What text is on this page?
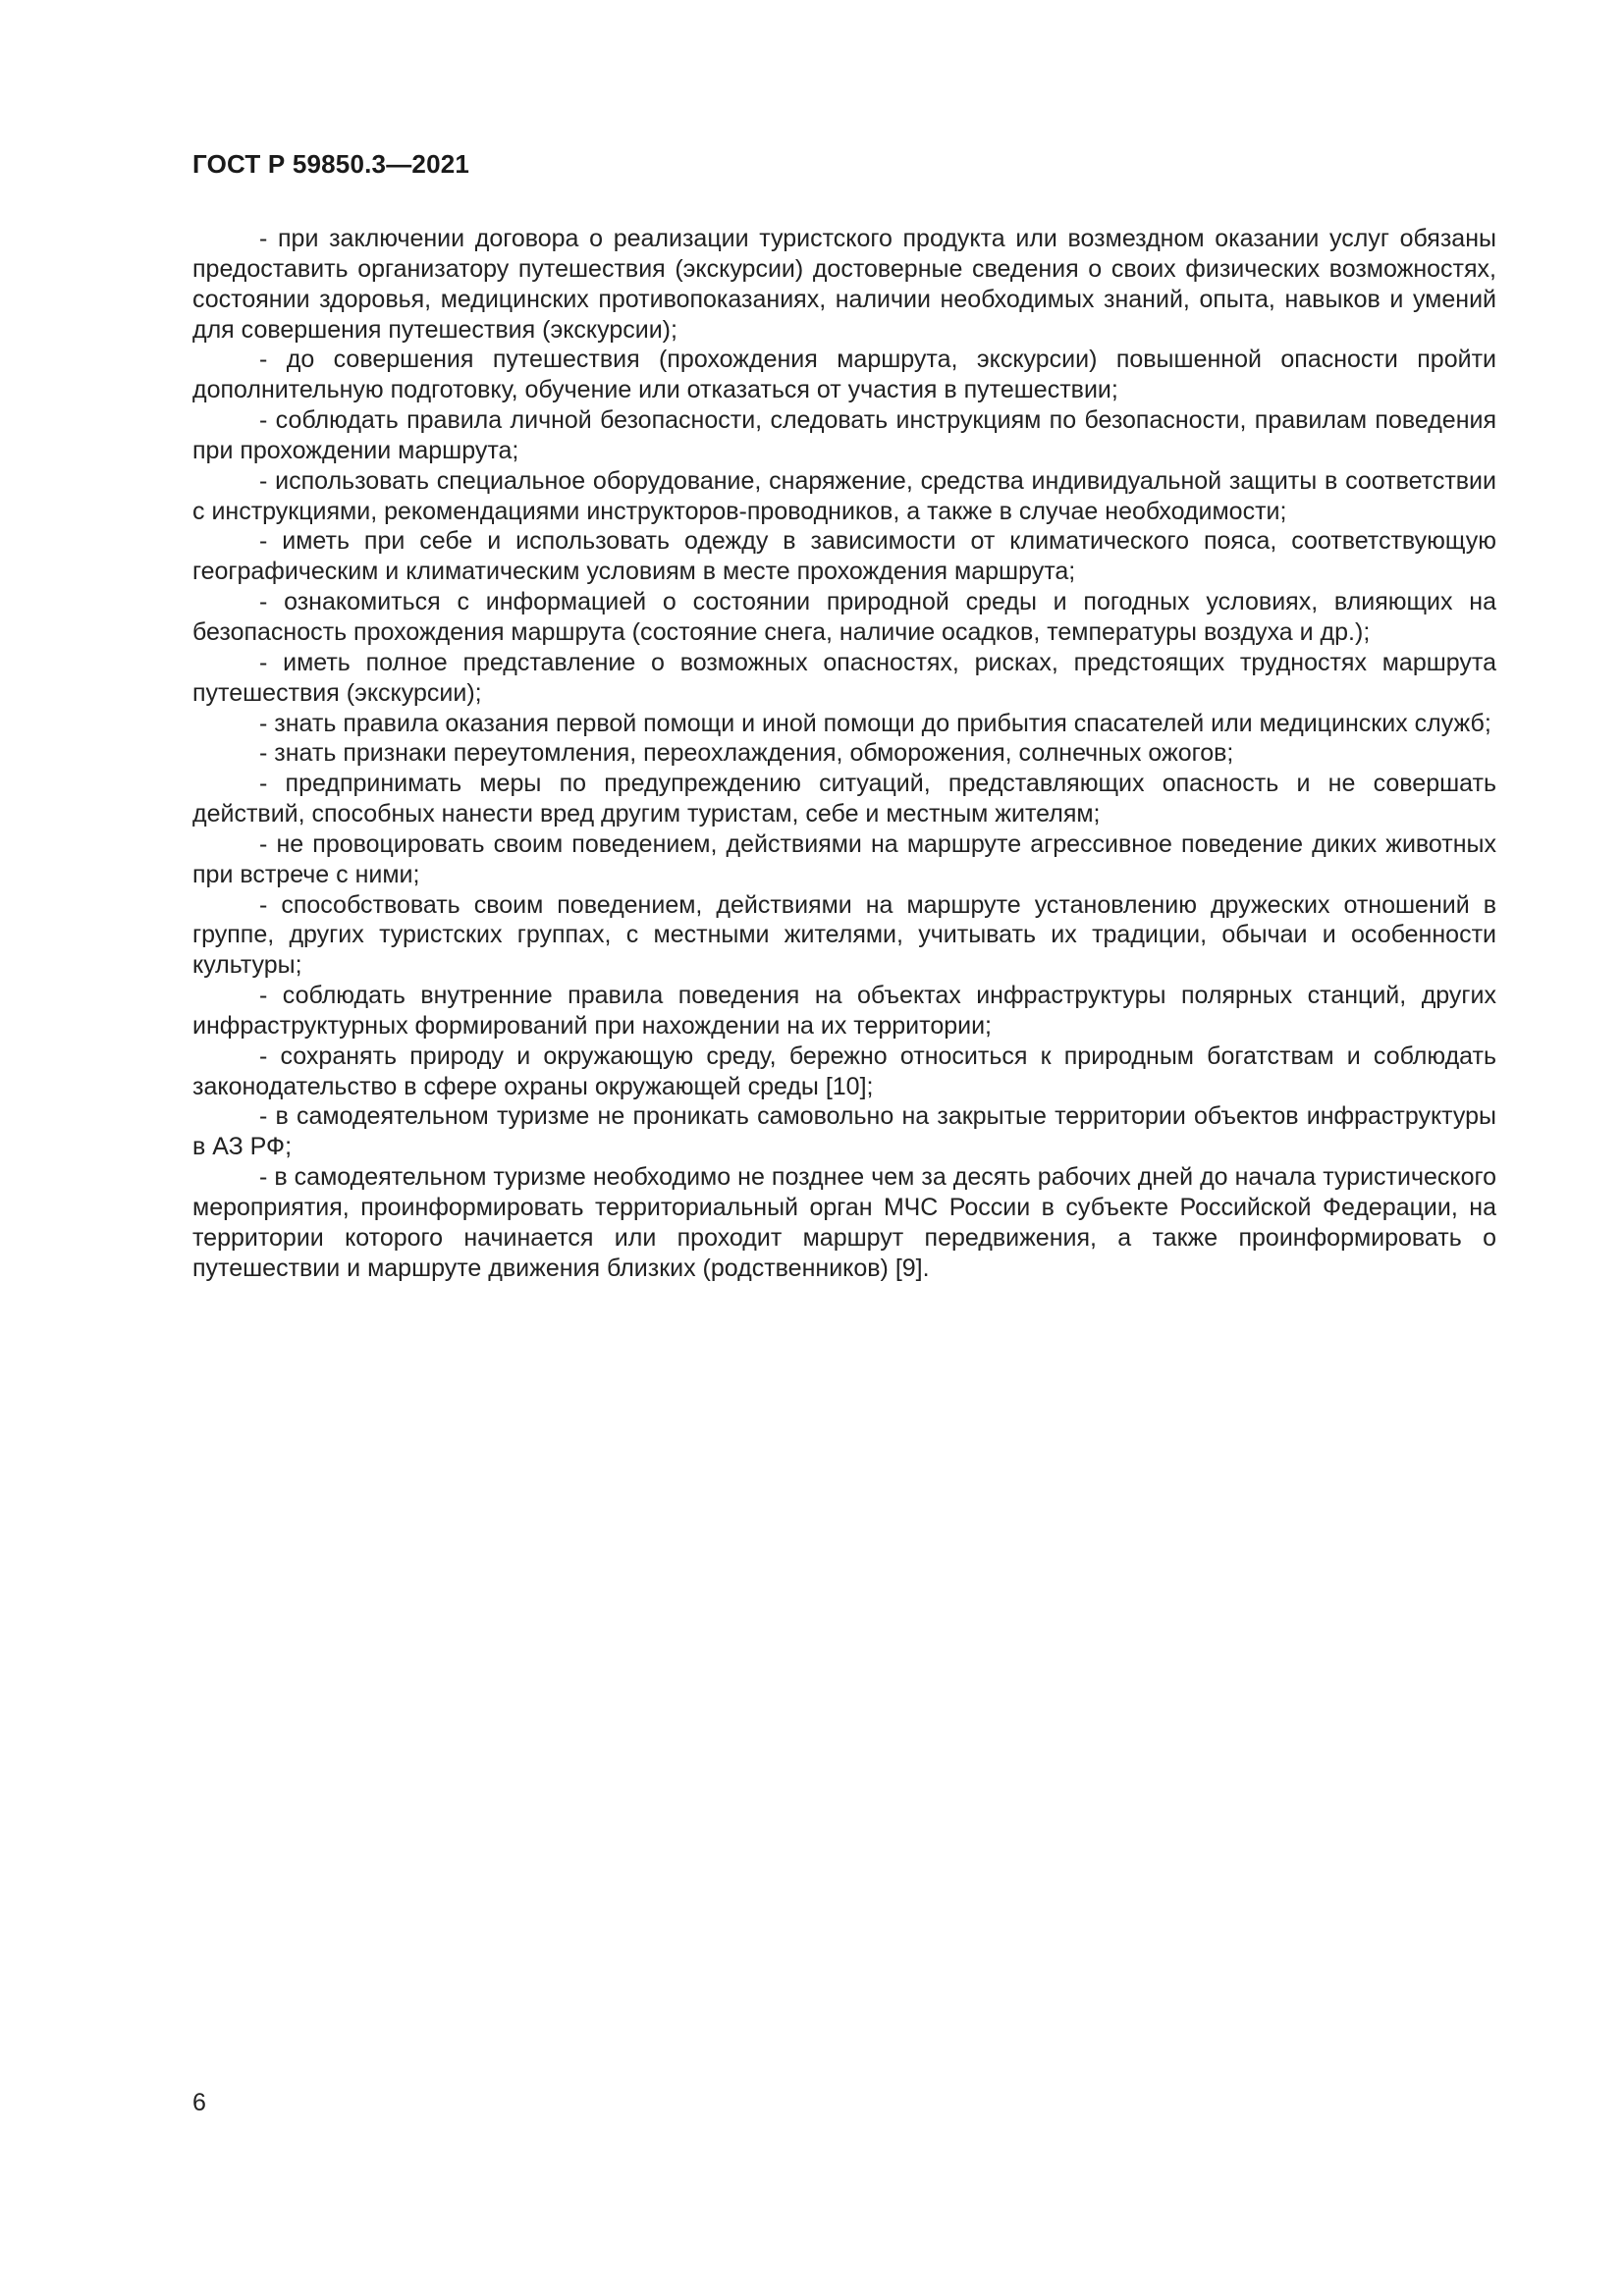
ГОСТ Р 59850.3—2021

- при заключении договора о реализации туристского продукта или возмездном оказании услуг обязаны предоставить организатору путешествия (экскурсии) достоверные сведения о своих физических возможностях, состоянии здоровья, медицинских противопоказаниях, наличии необходимых знаний, опыта, навыков и умений для совершения путешествия (экскурсии);

- до совершения путешествия (прохождения маршрута, экскурсии) повышенной опасности пройти дополнительную подготовку, обучение или отказаться от участия в путешествии;

- соблюдать правила личной безопасности, следовать инструкциям по безопасности, правилам поведения при прохождении маршрута;

- использовать специальное оборудование, снаряжение, средства индивидуальной защиты в соответствии с инструкциями, рекомендациями инструкторов-проводников, а также в случае необходимости;

- иметь при себе и использовать одежду в зависимости от климатического пояса, соответствующую географическим и климатическим условиям в месте прохождения маршрута;

- ознакомиться с информацией о состоянии природной среды и погодных условиях, влияющих на безопасность прохождения маршрута (состояние снега, наличие осадков, температуры воздуха и др.);

- иметь полное представление о возможных опасностях, рисках, предстоящих трудностях маршрута путешествия (экскурсии);

- знать правила оказания первой помощи и иной помощи до прибытия спасателей или медицинских служб;

- знать признаки переутомления, переохлаждения, обморожения, солнечных ожогов;

- предпринимать меры по предупреждению ситуаций, представляющих опасность и не совершать действий, способных нанести вред другим туристам, себе и местным жителям;

- не провоцировать своим поведением, действиями на маршруте агрессивное поведение диких животных при встрече с ними;

- способствовать своим поведением, действиями на маршруте установлению дружеских отношений в группе, других туристских группах, с местными жителями, учитывать их традиции, обычаи и особенности культуры;

- соблюдать внутренние правила поведения на объектах инфраструктуры полярных станций, других инфраструктурных формирований при нахождении на их территории;

- сохранять природу и окружающую среду, бережно относиться к природным богатствам и соблюдать законодательство в сфере охраны окружающей среды [10];

- в самодеятельном туризме не проникать самовольно на закрытые территории объектов инфраструктуры в АЗ РФ;

- в самодеятельном туризме необходимо не позднее чем за десять рабочих дней до начала туристического мероприятия, проинформировать территориальный орган МЧС России в субъекте Российской Федерации, на территории которого начинается или проходит маршрут передвижения, а также проинформировать о путешествии и маршруте движения близких (родственников) [9].

6
